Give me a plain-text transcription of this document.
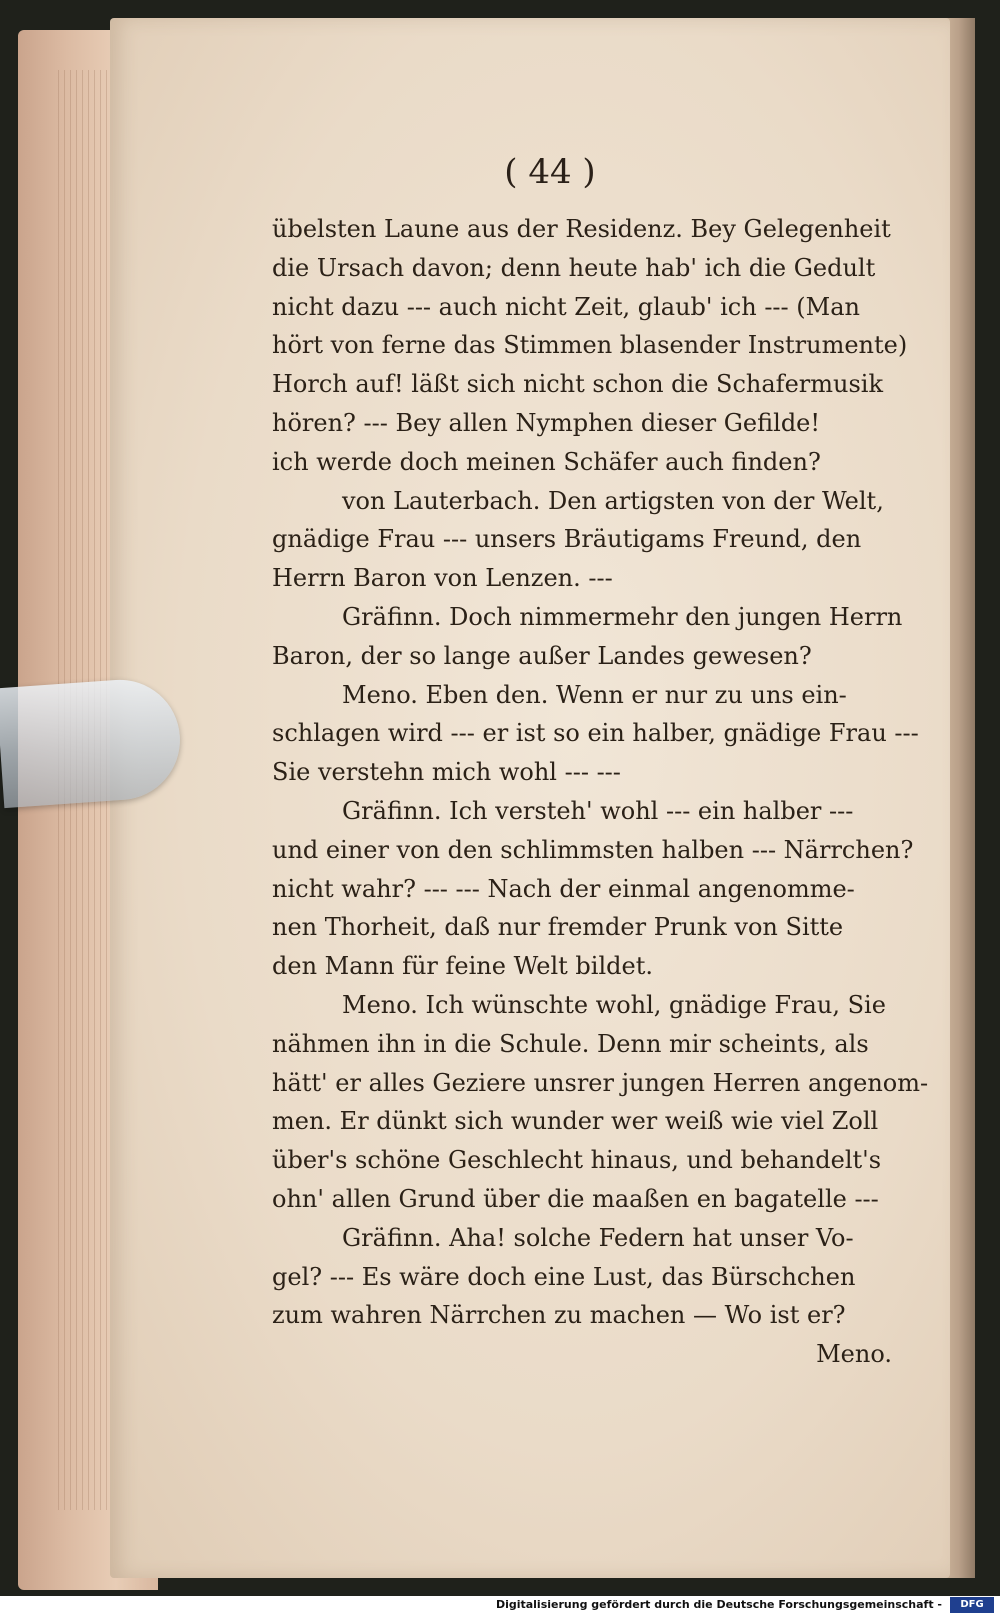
( 44 )
übelsten Laune aus der Residenz. Bey Gelegenheit
die Ursach davon; denn heute hab' ich die Gedult
nicht dazu --- auch nicht Zeit, glaub' ich --- (Man
hört von ferne das Stimmen blasender Instrumente)
Horch auf! läßt sich nicht schon die Schafermusik
hören? --- Bey allen Nymphen dieser Gefilde!
ich werde doch meinen Schäfer auch finden?
von Lauterbach. Den artigsten von der Welt,
gnädige Frau --- unsers Bräutigams Freund, den
Herrn Baron von Lenzen. ---
Gräfinn. Doch nimmermehr den jungen Herrn
Baron, der so lange außer Landes gewesen?
Meno. Eben den. Wenn er nur zu uns ein-
schlagen wird --- er ist so ein halber, gnädige Frau ---
Sie verstehn mich wohl --- ---
Gräfinn. Ich versteh' wohl --- ein halber ---
und einer von den schlimmsten halben --- Närrchen?
nicht wahr? --- --- Nach der einmal angenomme-
nen Thorheit, daß nur fremder Prunk von Sitte
den Mann für feine Welt bildet.
Meno. Ich wünschte wohl, gnädige Frau, Sie
nähmen ihn in die Schule. Denn mir scheints, als
hätt' er alles Geziere unsrer jungen Herren angenom-
men. Er dünkt sich wunder wer weiß wie viel Zoll
über's schöne Geschlecht hinaus, und behandelt's
ohn' allen Grund über die maaßen en bagatelle ---
Gräfinn. Aha! solche Federn hat unser Vo-
gel? --- Es wäre doch eine Lust, das Bürschchen
zum wahren Närrchen zu machen — Wo ist er?
Meno.
Digitalisierung gefördert durch die Deutsche Forschungsgemeinschaft -	DFG
